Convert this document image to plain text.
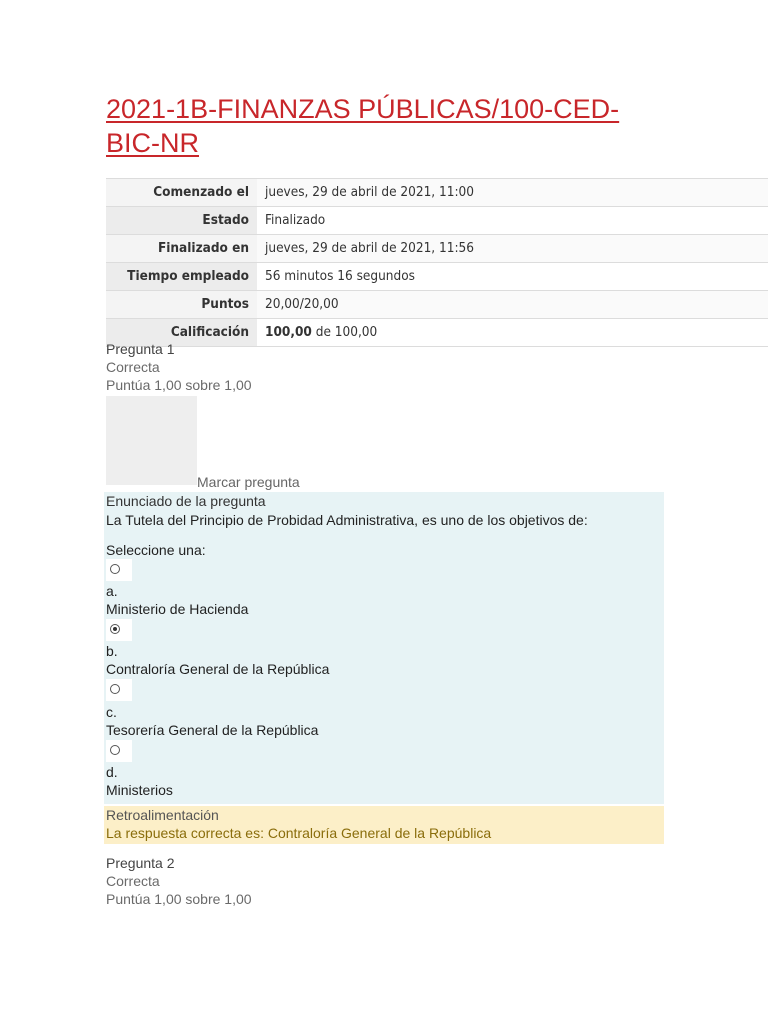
2021-1B-FINANZAS PÚBLICAS/100-CED-BIC-NR
Comenzado el	jueves, 29 de abril de 2021, 11:00
Estado	Finalizado
Finalizado en	jueves, 29 de abril de 2021, 11:56
Tiempo empleado	56 minutos 16 segundos
Puntos	20,00/20,00
Calificación	100,00 de 100,00
Pregunta 1
Correcta
Puntúa 1,00 sobre 1,00
Marcar pregunta
Enunciado de la pregunta
La Tutela del Principio de Probidad Administrativa, es uno de los objetivos de:
Seleccione una:
a.
Ministerio de Hacienda
b.
Contraloría General de la República
c.
Tesorería General de la República
d.
Ministerios
Retroalimentación
La respuesta correcta es: Contraloría General de la República
Pregunta 2
Correcta
Puntúa 1,00 sobre 1,00
